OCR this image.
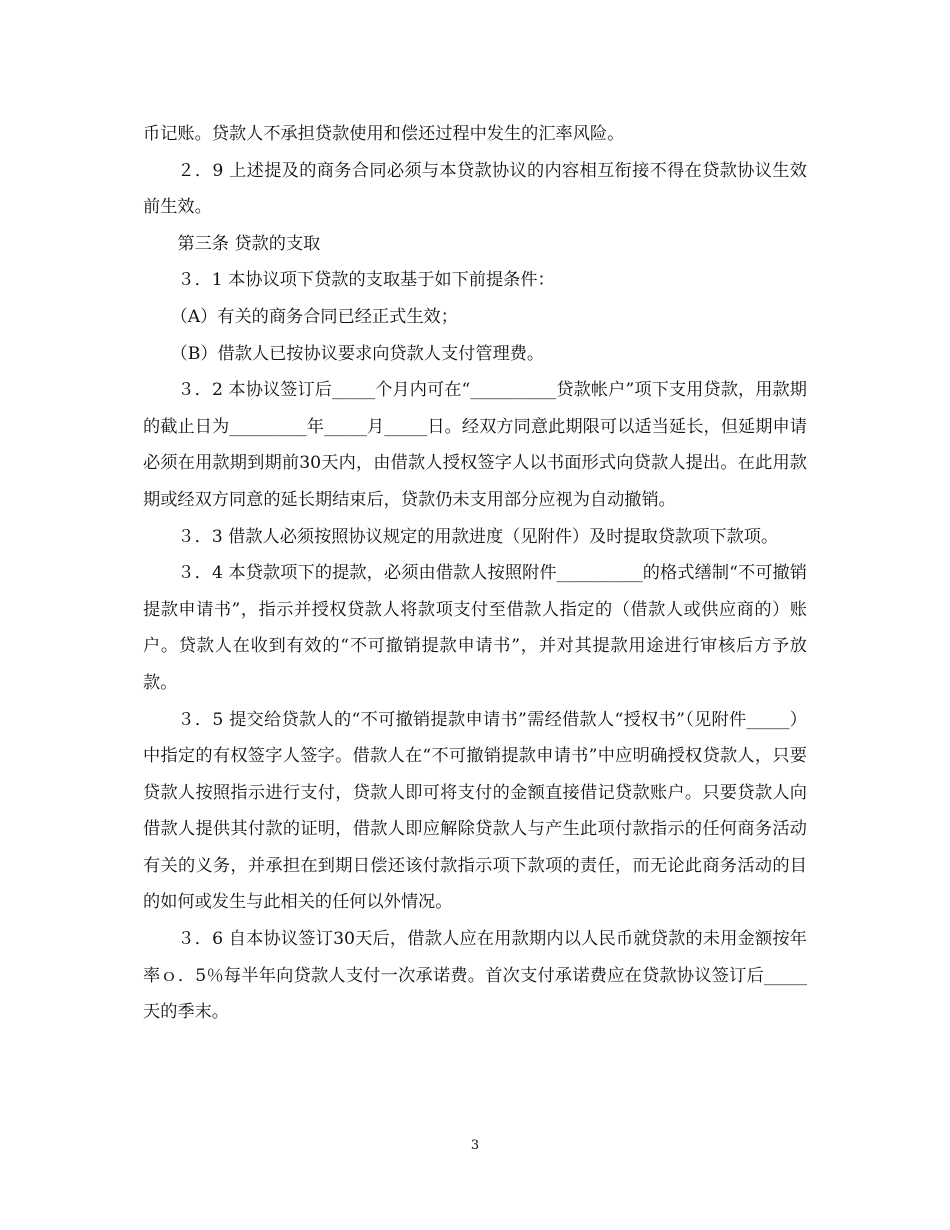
币记账。贷款人不承担贷款使用和偿还过程中发生的汇率风险。

２．9 上述提及的商务合同必须与本贷款协议的内容相互衔接不得在贷款协议生效前生效。

第三条 贷款的支取

３．1 本协议项下贷款的支取基于如下前提条件：

（A）有关的商务合同已经正式生效；

（B）借款人已按协议要求向贷款人支付管理费。

３．2 本协议签订后_____个月内可在“__________贷款帐户”项下支用贷款，用款期的截止日为_________年_____月_____日。经双方同意此期限可以适当延长，但延期申请必须在用款期到期前30天内，由借款人授权签字人以书面形式向贷款人提出。在此用款期或经双方同意的延长期结束后，贷款仍未支用部分应视为自动撤销。

３．3 借款人必须按照协议规定的用款进度（见附件）及时提取贷款项下款项。

３．4 本贷款项下的提款，必须由借款人按照附件__________的格式缮制“不可撤销提款申请书”，指示并授权贷款人将款项支付至借款人指定的（借款人或供应商的）账户。贷款人在收到有效的“不可撤销提款申请书”，并对其提款用途进行审核后方予放款。

３．5 提交给贷款人的“不可撤销提款申请书”需经借款人“授权书”（见附件_____）中指定的有权签字人签字。借款人在“不可撤销提款申请书”中应明确授权贷款人，只要贷款人按照指示进行支付，贷款人即可将支付的金额直接借记贷款账户。只要贷款人向借款人提供其付款的证明，借款人即应解除贷款人与产生此项付款指示的任何商务活动有关的义务，并承担在到期日偿还该付款指示项下款项的责任，而无论此商务活动的目的如何或发生与此相关的任何以外情况。

３．6 自本协议签订30天后，借款人应在用款期内以人民币就贷款的未用金额按年率ｏ．5％每半年向贷款人支付一次承诺费。首次支付承诺费应在贷款协议签订后_____天的季末。

3
